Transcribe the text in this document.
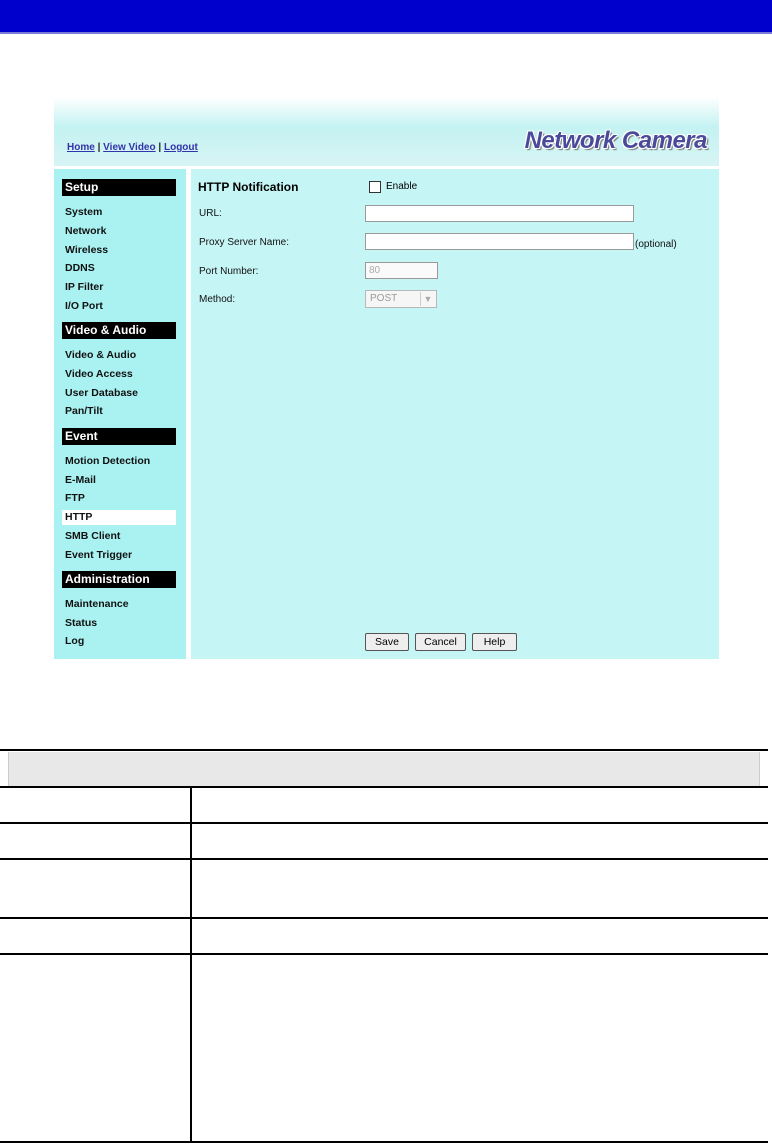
Home | View Video | Logout	Network Camera
Setup
System
Network
Wireless
DDNS
IP Filter
I/O Port
Video & Audio
Video & Audio
Video Access
User Database
Pan/Tilt
Event
Motion Detection
E-Mail
FTP
HTTP
SMB Client
Event Trigger
Administration
Maintenance
Status
Log
HTTP Notification	Enable
URL:
Proxy Server Name:	(optional)
Port Number:	80
Method:	POST	▼
Save	Cancel	Help
